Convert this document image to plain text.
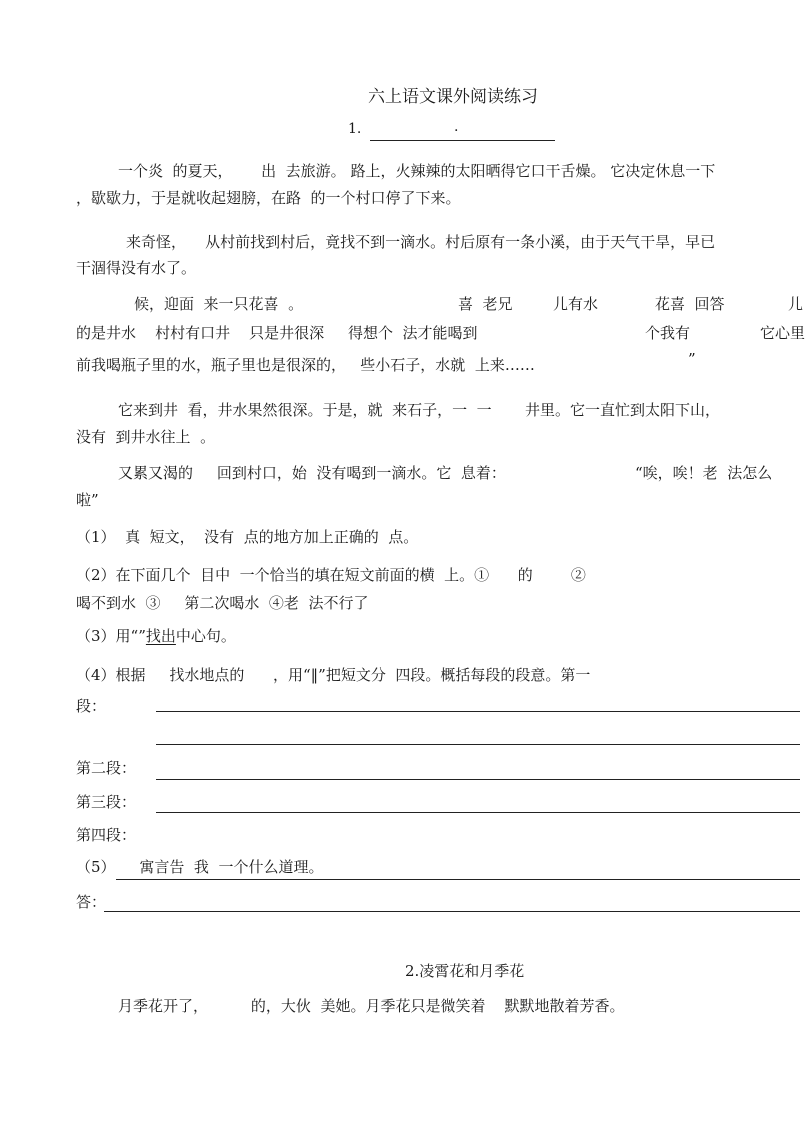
六上语文课外阅读练习
1.	.
一个炎  的夏天，      出  去旅游。 路上，火辣辣的太阳晒得它口干舌燥。 它决定休息一下
，歇歇力，于是就收起翅膀，在路  的一个村口停了下来。
来奇怪，    从村前找到村后，竟找不到一滴水。村后原有一条小溪，由于天气干旱，早已
干涸得没有水了。
候，迎面  来一只花喜  。	喜  老兄	儿有水	花喜  回答	儿
的是井水    村村有口井    只是井很深     得想个  法才能喝到	个我有	它心里
前我喝瓶子里的水，瓶子里也是很深的，   些小石子，水就  上来……	”
它来到井  看，井水果然很深。于是，就  来石子，一  一       井里。它一直忙到太阳下山，
没有  到井水往上  。
又累又渴的     回到村口，始  没有喝到一滴水。它  息着：	“唉，唉！老  法怎么
啦”
（1）  真  短文，  没有  点的地方加上正确的  点。
（2）在下面几个  目中  一个恰当的填在短文前面的横  上。①      的        ②
喝不到水  ③     第二次喝水  ④老  法不行了
（3）用“”找出中心句。
（4）根据     找水地点的      ，用“‖”把短文分  四段。概括每段的段意。第一
段：
第二段：
第三段：
第四段：
（5）     寓言告  我  一个什么道理。
答：
2.凌霄花和月季花
月季花开了，         的，大伙  美她。月季花只是微笑着    默默地散着芳香。
